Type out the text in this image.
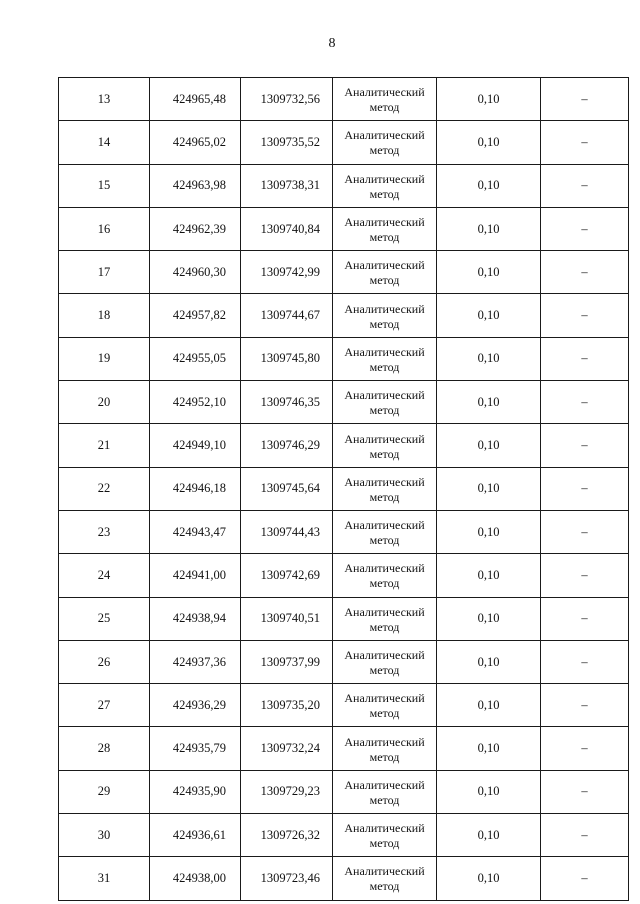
8
13	424965,48	1309732,56	Аналитический
метод	0,10	–
14	424965,02	1309735,52	Аналитический
метод	0,10	–
15	424963,98	1309738,31	Аналитический
метод	0,10	–
16	424962,39	1309740,84	Аналитический
метод	0,10	–
17	424960,30	1309742,99	Аналитический
метод	0,10	–
18	424957,82	1309744,67	Аналитический
метод	0,10	–
19	424955,05	1309745,80	Аналитический
метод	0,10	–
20	424952,10	1309746,35	Аналитический
метод	0,10	–
21	424949,10	1309746,29	Аналитический
метод	0,10	–
22	424946,18	1309745,64	Аналитический
метод	0,10	–
23	424943,47	1309744,43	Аналитический
метод	0,10	–
24	424941,00	1309742,69	Аналитический
метод	0,10	–
25	424938,94	1309740,51	Аналитический
метод	0,10	–
26	424937,36	1309737,99	Аналитический
метод	0,10	–
27	424936,29	1309735,20	Аналитический
метод	0,10	–
28	424935,79	1309732,24	Аналитический
метод	0,10	–
29	424935,90	1309729,23	Аналитический
метод	0,10	–
30	424936,61	1309726,32	Аналитический
метод	0,10	–
31	424938,00	1309723,46	Аналитический
метод	0,10	–
